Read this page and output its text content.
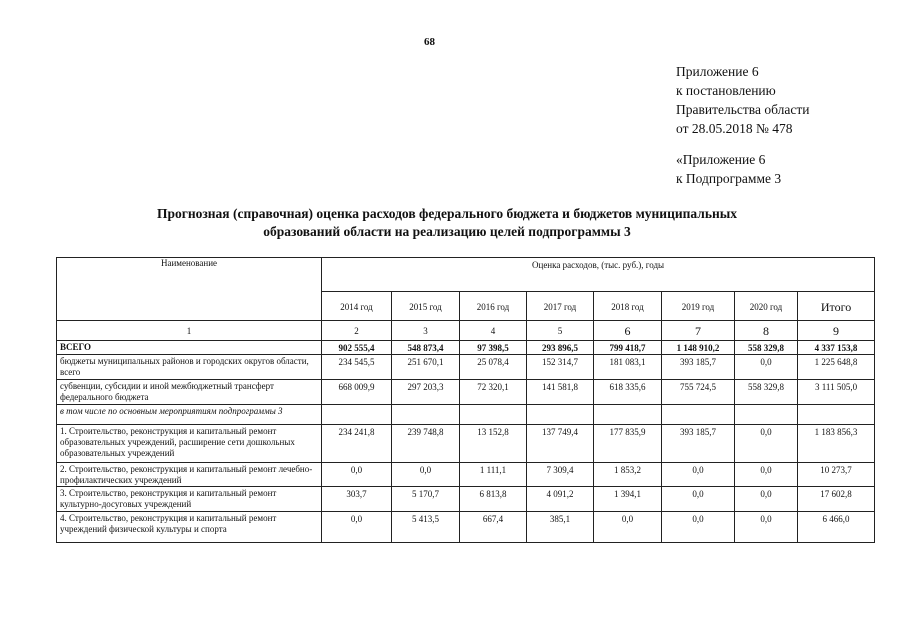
68
Приложение 6
к постановлению
Правительства области
от 28.05.2018 № 478
«Приложение 6
к Подпрограмме 3
Прогнозная (справочная) оценка расходов федерального бюджета и бюджетов муниципальных
образований области на реализацию целей подпрограммы 3
Наименование	Оценка расходов, (тыс. руб.), годы							
	2014 год	2015 год	2016 год	2017 год	2018 год	2019 год	2020 год	Итого
1	2	3	4	5	6	7	8	9
ВСЕГО	902 555,4	548 873,4	97 398,5	293 896,5	799 418,7	1 148 910,2	558 329,8	4 337 153,8
бюджеты муниципальных районов и городских округов области, всего	234 545,5	251 670,1	25 078,4	152 314,7	181 083,1	393 185,7	0,0	1 225 648,8
субвенции, субсидии и иной межбюджетный трансферт федерального бюджета	668 009,9	297 203,3	72 320,1	141 581,8	618 335,6	755 724,5	558 329,8	3 111 505,0
в том числе по основным мероприятиям подпрограммы 3								
1. Строительство, реконструкция и капитальный ремонт образовательных учреждений, расширение сети дошкольных образовательных учреждений	234 241,8	239 748,8	13 152,8	137 749,4	177 835,9	393 185,7	0,0	1 183 856,3
2. Строительство, реконструкция и капитальный ремонт лечебно-профилактических учреждений	0,0	0,0	1 111,1	7 309,4	1 853,2	0,0	0,0	10 273,7
3. Строительство, реконструкция и капитальный ремонт культурно-досуговых учреждений	303,7	5 170,7	6 813,8	4 091,2	1 394,1	0,0	0,0	17 602,8
4. Строительство, реконструкция и капитальный ремонт учреждений физической культуры и спорта	0,0	5 413,5	667,4	385,1	0,0	0,0	0,0	6 466,0
